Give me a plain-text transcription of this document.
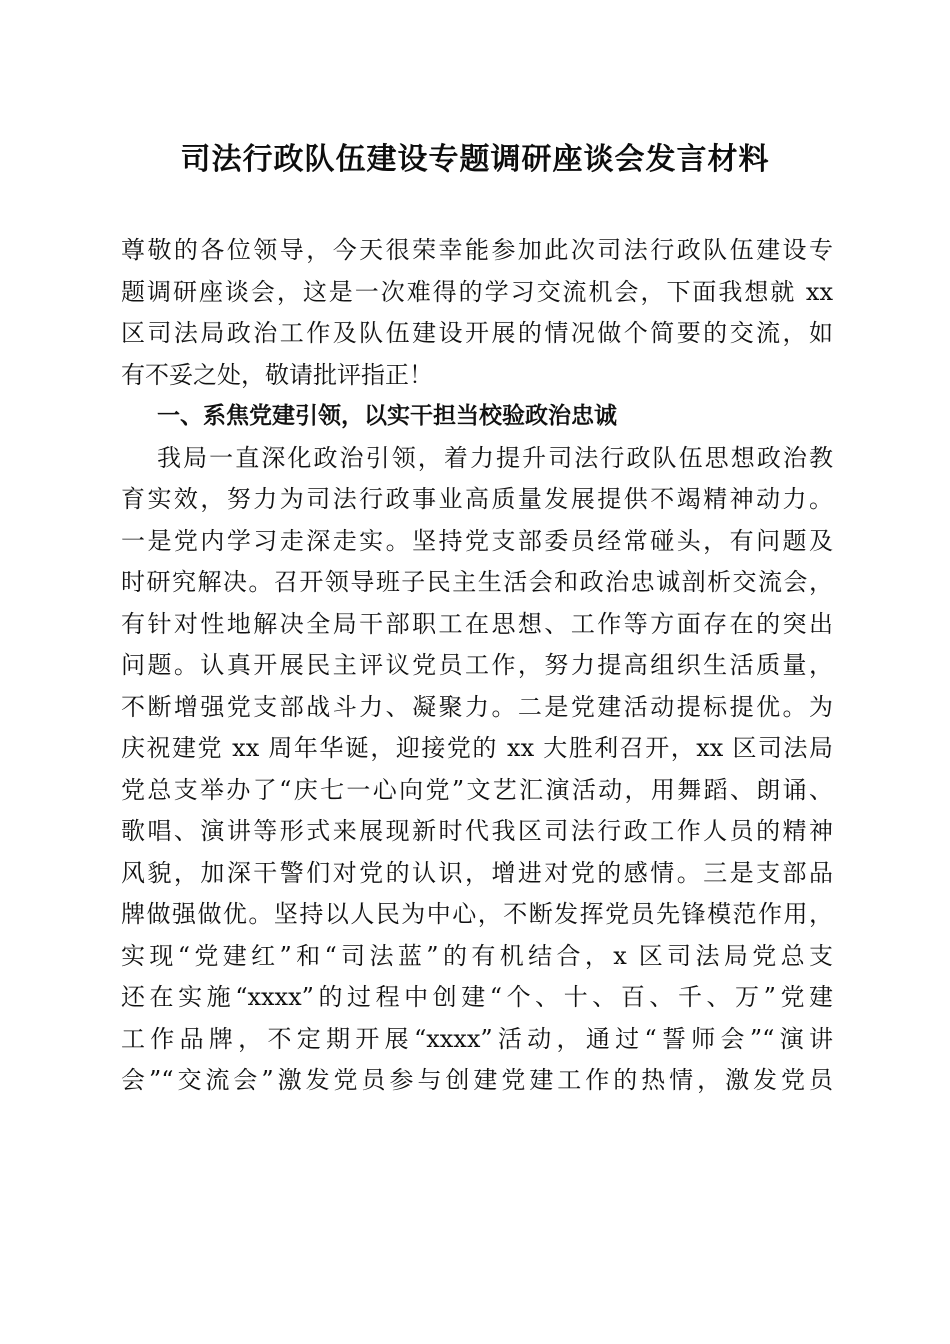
司法行政队伍建设专题调研座谈会发言材料
尊敬的各位领导，今天很荣幸能参加此次司法行政队伍建设专
题调研座谈会，这是一次难得的学习交流机会，下面我想就 xx
区司法局政治工作及队伍建设开展的情况做个简要的交流，如
有不妥之处，敬请批评指正！
一、系焦党建引领，以实干担当校验政治忠诚
我局一直深化政治引领，着力提升司法行政队伍思想政治教
育实效，努力为司法行政事业高质量发展提供不竭精神动力。
一是党内学习走深走实。坚持党支部委员经常碰头，有问题及
时研究解决。召开领导班子民主生活会和政治忠诚剖析交流会，
有针对性地解决全局干部职工在思想、工作等方面存在的突出
问题。认真开展民主评议党员工作，努力提高组织生活质量，
不断增强党支部战斗力、凝聚力。二是党建活动提标提优。为
庆祝建党 xx 周年华诞，迎接党的 xx 大胜利召开，xx 区司法局
党总支举办了“庆七一心向党”文艺汇演活动，用舞蹈、朗诵、
歌唱、演讲等形式来展现新时代我区司法行政工作人员的精神
风貌，加深干警们对党的认识，增进对党的感情。三是支部品
牌做强做优。坚持以人民为中心，不断发挥党员先锋模范作用，
实现“党建红”和“司法蓝”的有机结合，x 区司法局党总支
还在实施“xxxx”的过程中创建“个、十、百、千、万”党建
工作品牌，不定期开展“xxxx”活动，通过“誓师会”“演讲
会”“交流会”激发党员参与创建党建工作的热情，激发党员
